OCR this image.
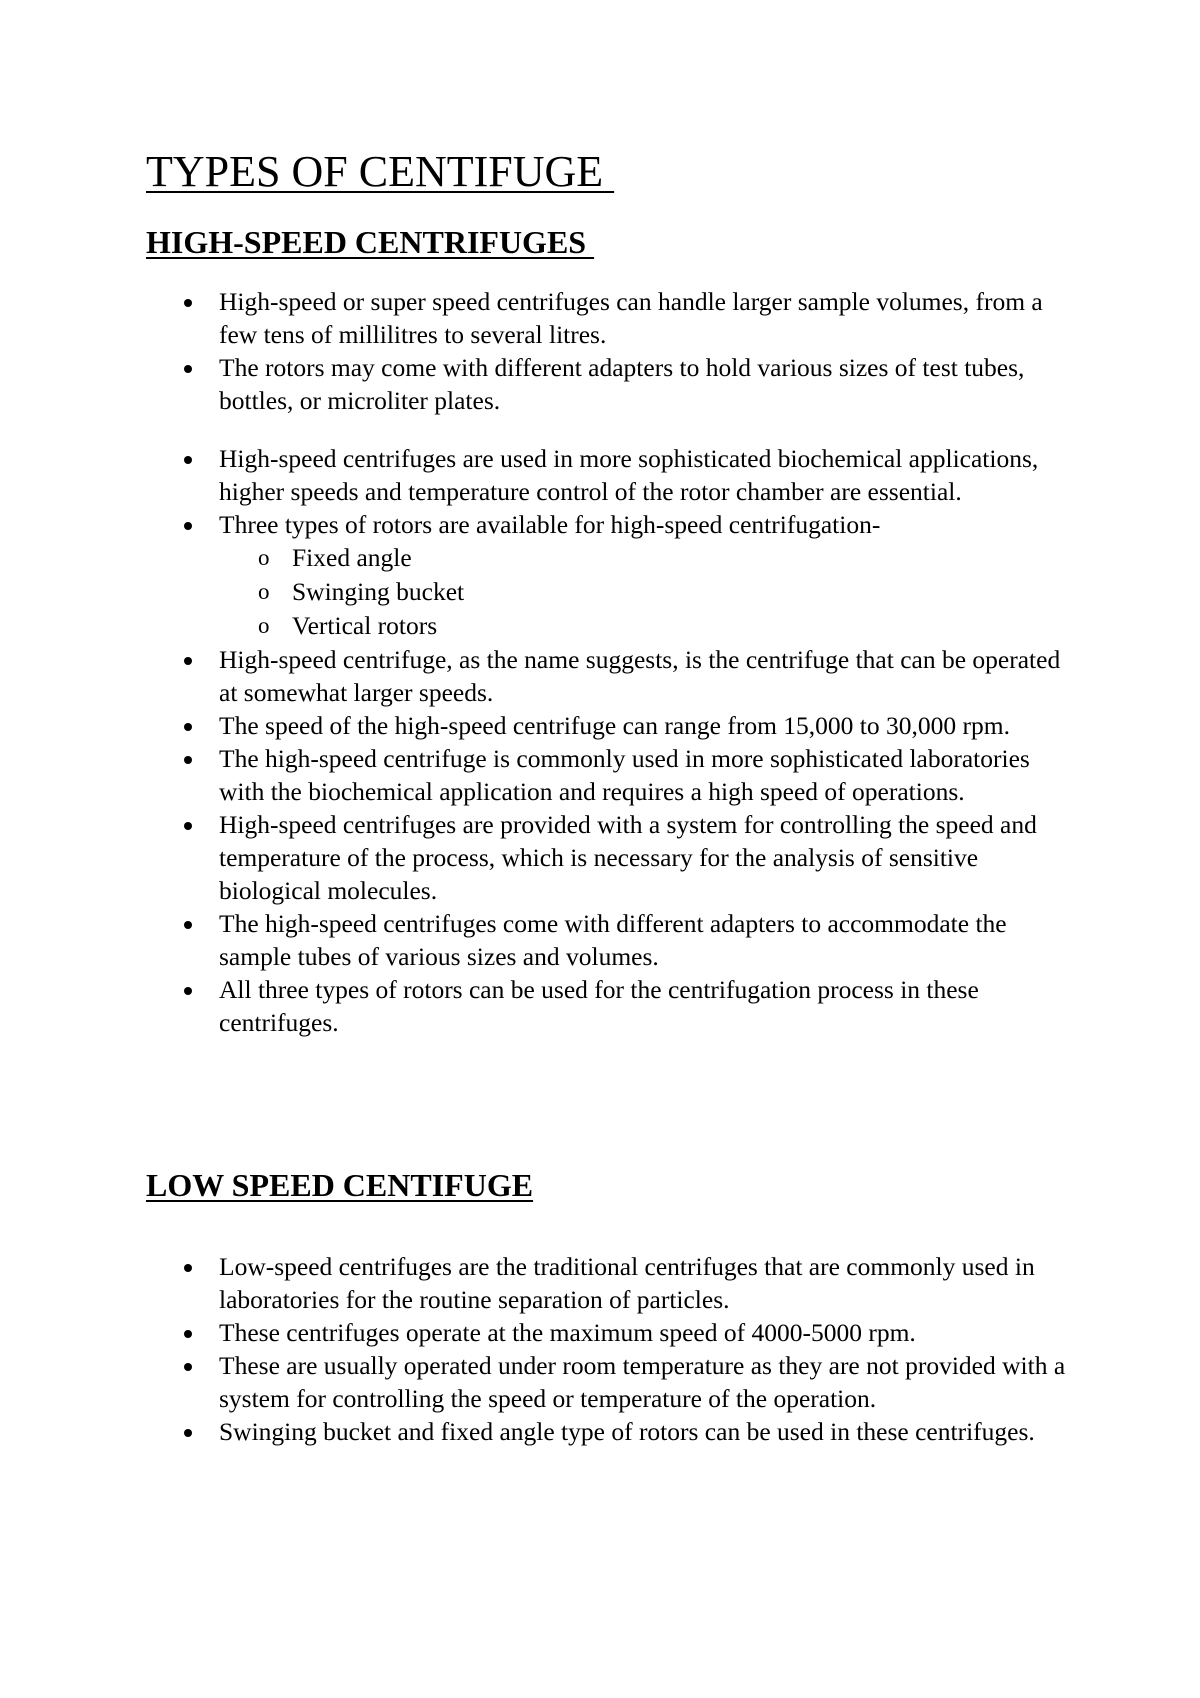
TYPES OF CENTIFUGE
HIGH-SPEED CENTRIFUGES
High-speed or super speed centrifuges can handle larger sample volumes, from a few tens of millilitres to several litres.
The rotors may come with different adapters to hold various sizes of test tubes, bottles, or microliter plates.
High-speed centrifuges are used in more sophisticated biochemical applications, higher speeds and temperature control of the rotor chamber are essential.
Three types of rotors are available for high-speed centrifugation-
o Fixed angle
o Swinging bucket
o Vertical rotors
High-speed centrifuge, as the name suggests, is the centrifuge that can be operated at somewhat larger speeds.
The speed of the high-speed centrifuge can range from 15,000 to 30,000 rpm.
The high-speed centrifuge is commonly used in more sophisticated laboratories with the biochemical application and requires a high speed of operations.
High-speed centrifuges are provided with a system for controlling the speed and temperature of the process, which is necessary for the analysis of sensitive biological molecules.
The high-speed centrifuges come with different adapters to accommodate the sample tubes of various sizes and volumes.
All three types of rotors can be used for the centrifugation process in these centrifuges.
LOW SPEED CENTIFUGE
Low-speed centrifuges are the traditional centrifuges that are commonly used in laboratories for the routine separation of particles.
These centrifuges operate at the maximum speed of 4000-5000 rpm.
These are usually operated under room temperature as they are not provided with a system for controlling the speed or temperature of the operation.
Swinging bucket and fixed angle type of rotors can be used in these centrifuges.
